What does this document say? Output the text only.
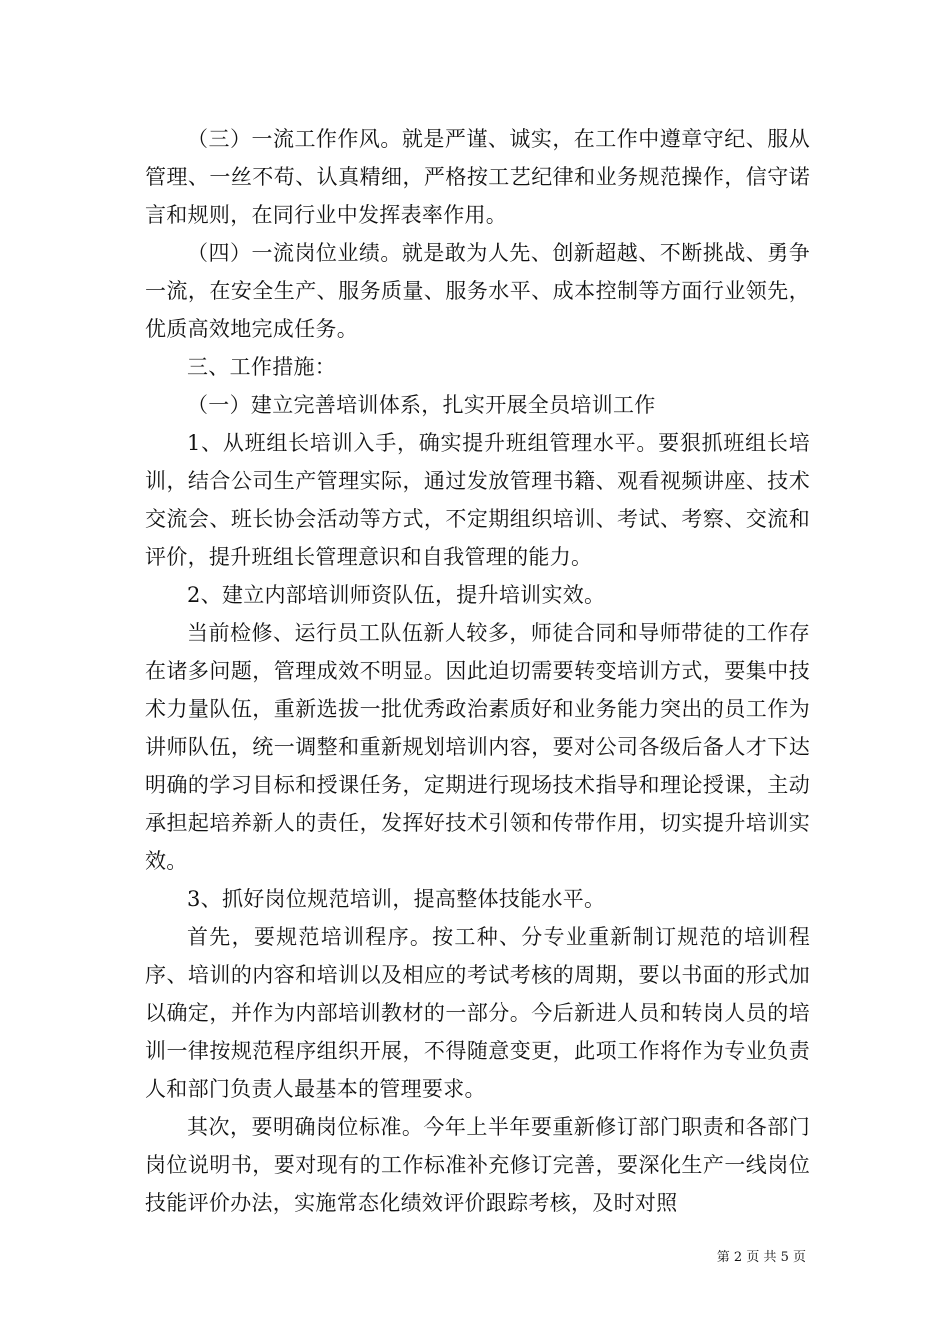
（三）一流工作作风。就是严谨、诚实，在工作中遵章守纪、服从管理、一丝不苟、认真精细，严格按工艺纪律和业务规范操作，信守诺言和规则，在同行业中发挥表率作用。

（四）一流岗位业绩。就是敢为人先、创新超越、不断挑战、勇争一流，在安全生产、服务质量、服务水平、成本控制等方面行业领先，优质高效地完成任务。

三、工作措施：

（一）建立完善培训体系，扎实开展全员培训工作

1、从班组长培训入手，确实提升班组管理水平。要狠抓班组长培训，结合公司生产管理实际，通过发放管理书籍、观看视频讲座、技术交流会、班长协会活动等方式，不定期组织培训、考试、考察、交流和评价，提升班组长管理意识和自我管理的能力。

2、建立内部培训师资队伍，提升培训实效。

当前检修、运行员工队伍新人较多，师徒合同和导师带徒的工作存在诸多问题，管理成效不明显。因此迫切需要转变培训方式，要集中技术力量队伍，重新选拔一批优秀政治素质好和业务能力突出的员工作为讲师队伍，统一调整和重新规划培训内容，要对公司各级后备人才下达明确的学习目标和授课任务，定期进行现场技术指导和理论授课，主动承担起培养新人的责任，发挥好技术引领和传带作用，切实提升培训实效。

3、抓好岗位规范培训，提高整体技能水平。

首先，要规范培训程序。按工种、分专业重新制订规范的培训程序、培训的内容和培训以及相应的考试考核的周期，要以书面的形式加以确定，并作为内部培训教材的一部分。今后新进人员和转岗人员的培训一律按规范程序组织开展，不得随意变更，此项工作将作为专业负责人和部门负责人最基本的管理要求。

其次，要明确岗位标准。今年上半年要重新修订部门职责和各部门岗位说明书，要对现有的工作标准补充修订完善，要深化生产一线岗位技能评价办法，实施常态化绩效评价跟踪考核，及时对照

第 2 页 共 5 页
